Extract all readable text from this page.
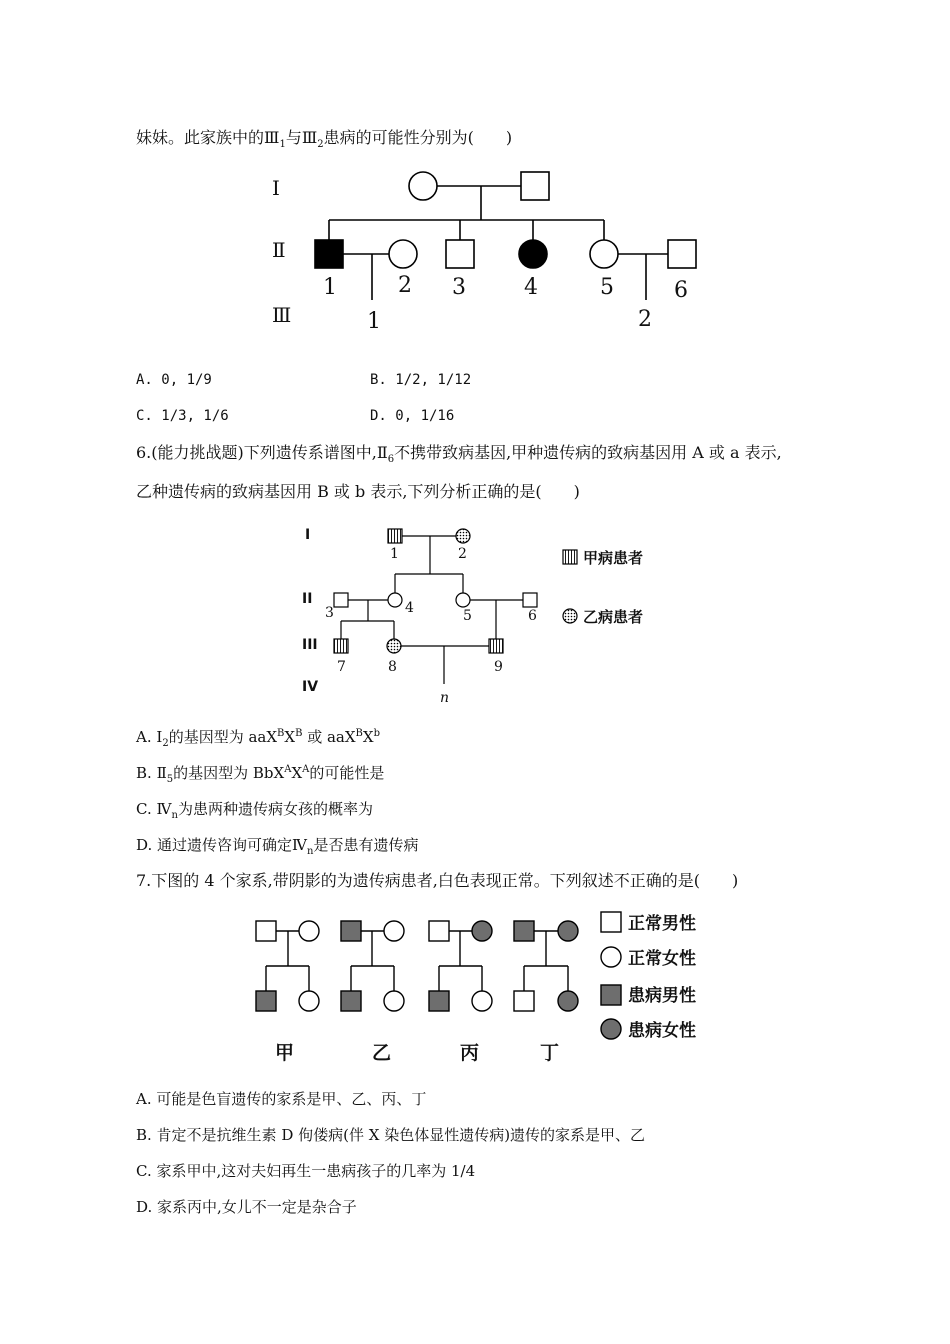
妹妹。此家族中的$Ⅲ_1$与$Ⅲ_2$患病的可能性分别为(　　)
Ⅰ
Ⅱ
Ⅲ
1	2 3	4	5	6
1	2
A. 0, 1/9	B. 1/2, 1/12
C. 1/3, 1/6	D. 0, 1/16
6.(能力挑战题)下列遗传系谱图中$,Ⅱ_6$不携带致病基因,甲种遗传病的致病基因用 A 或 a 表示,
乙种遗传病的致病基因用 B 或 b 表示,下列分析正确的是(　　)
I
II
III
IV
1	2
3	4	5	6
7	8	9
n
甲病患者
乙病患者
A. $Ⅰ_2$的基因型为 $aaX^BX^B$ 或 $aaX^BX^b$
B. $Ⅱ_5$的基因型为 $BbX^AX^A$的可能性是
C. $Ⅳ_n$为患两种遗传病女孩的概率为
D. 通过遗传咨询可确定$Ⅳ_n$是否患有遗传病
7.下图的 4 个家系,带阴影的为遗传病患者,白色表现正常。下列叙述不正确的是(　　)
甲	乙	丙	丁
正常男性
正常女性
患病男性
患病女性
A. 可能是色盲遗传的家系是甲、乙、丙、丁
B. 肯定不是抗维生素 D 佝偻病(伴 X 染色体显性遗传病)遗传的家系是甲、乙
C. 家系甲中,这对夫妇再生一患病孩子的几率为 1/4
D. 家系丙中,女儿不一定是杂合子
